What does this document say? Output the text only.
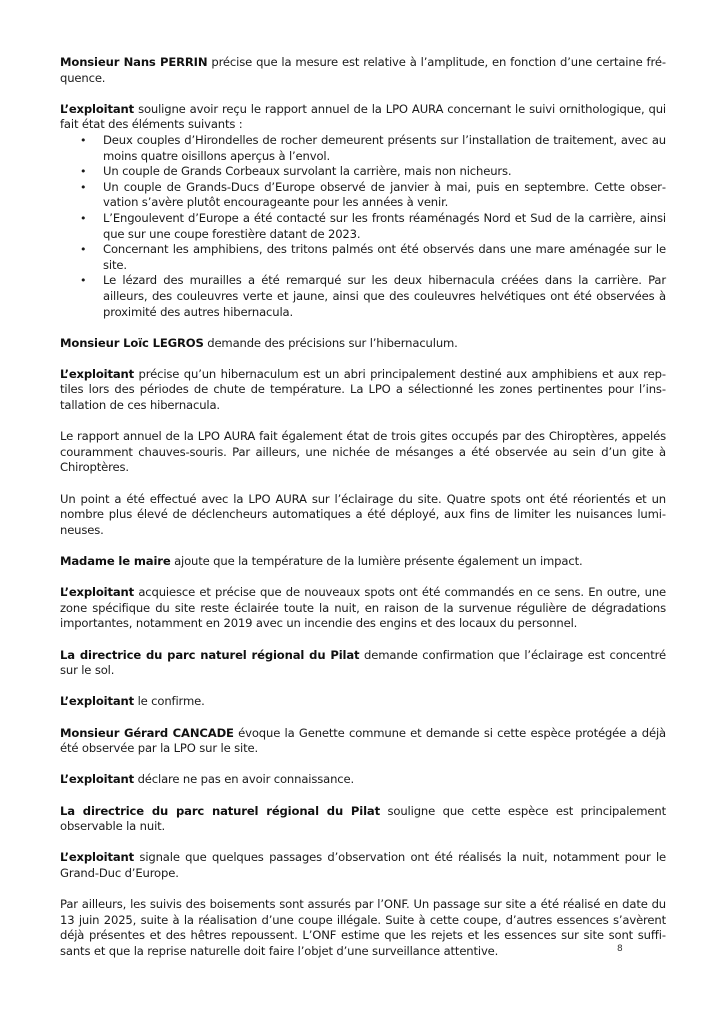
Monsieur Nans PERRIN précise que la mesure est relative à l’amplitude, en fonction d’une certaine fréquence.

L’exploitant souligne avoir reçu le rapport annuel de la LPO AURA concernant le suivi ornithologique, qui fait état des éléments suivants :

• Deux couples d’Hirondelles de rocher demeurent présents sur l’installation de traitement, avec au moins quatre oisillons aperçus à l’envol.
• Un couple de Grands Corbeaux survolant la carrière, mais non nicheurs.
• Un couple de Grands-Ducs d’Europe observé de janvier à mai, puis en septembre. Cette observation s’avère plutôt encourageante pour les années à venir.
• L’Engoulevent d’Europe a été contacté sur les fronts réaménagés Nord et Sud de la carrière, ainsi que sur une coupe forestière datant de 2023.
• Concernant les amphibiens, des tritons palmés ont été observés dans une mare aménagée sur le site.
• Le lézard des murailles a été remarqué sur les deux hibernacula créées dans la carrière. Par ailleurs, des couleuvres verte et jaune, ainsi que des couleuvres helvétiques ont été observées à proximité des autres hibernacula.

Monsieur Loïc LEGROS demande des précisions sur l’hibernaculum.

L’exploitant précise qu’un hibernaculum est un abri principalement destiné aux amphibiens et aux reptiles lors des périodes de chute de température. La LPO a sélectionné les zones pertinentes pour l’installation de ces hibernacula.

Le rapport annuel de la LPO AURA fait également état de trois gites occupés par des Chiroptères, appelés couramment chauves-souris. Par ailleurs, une nichée de mésanges a été observée au sein d’un gite à Chiroptères.

Un point a été effectué avec la LPO AURA sur l’éclairage du site. Quatre spots ont été réorientés et un nombre plus élevé de déclencheurs automatiques a été déployé, aux fins de limiter les nuisances lumineuses.

Madame le maire ajoute que la température de la lumière présente également un impact.

L’exploitant acquiesce et précise que de nouveaux spots ont été commandés en ce sens. En outre, une zone spécifique du site reste éclairée toute la nuit, en raison de la survenue régulière de dégradations importantes, notamment en 2019 avec un incendie des engins et des locaux du personnel.

La directrice du parc naturel régional du Pilat demande confirmation que l’éclairage est concentré sur le sol.

L’exploitant le confirme.

Monsieur Gérard CANCADE évoque la Genette commune et demande si cette espèce protégée a déjà été observée par la LPO sur le site.

L’exploitant déclare ne pas en avoir connaissance.

La directrice du parc naturel régional du Pilat souligne que cette espèce est principalement observable la nuit.

L’exploitant signale que quelques passages d’observation ont été réalisés la nuit, notamment pour le Grand-Duc d’Europe.

Par ailleurs, les suivis des boisements sont assurés par l’ONF. Un passage sur site a été réalisé en date du 13 juin 2025, suite à la réalisation d’une coupe illégale. Suite à cette coupe, d’autres essences s’avèrent déjà présentes et des hêtres repoussent. L’ONF estime que les rejets et les essences sur site sont suffisants et que la reprise naturelle doit faire l’objet d’une surveillance attentive.	8
